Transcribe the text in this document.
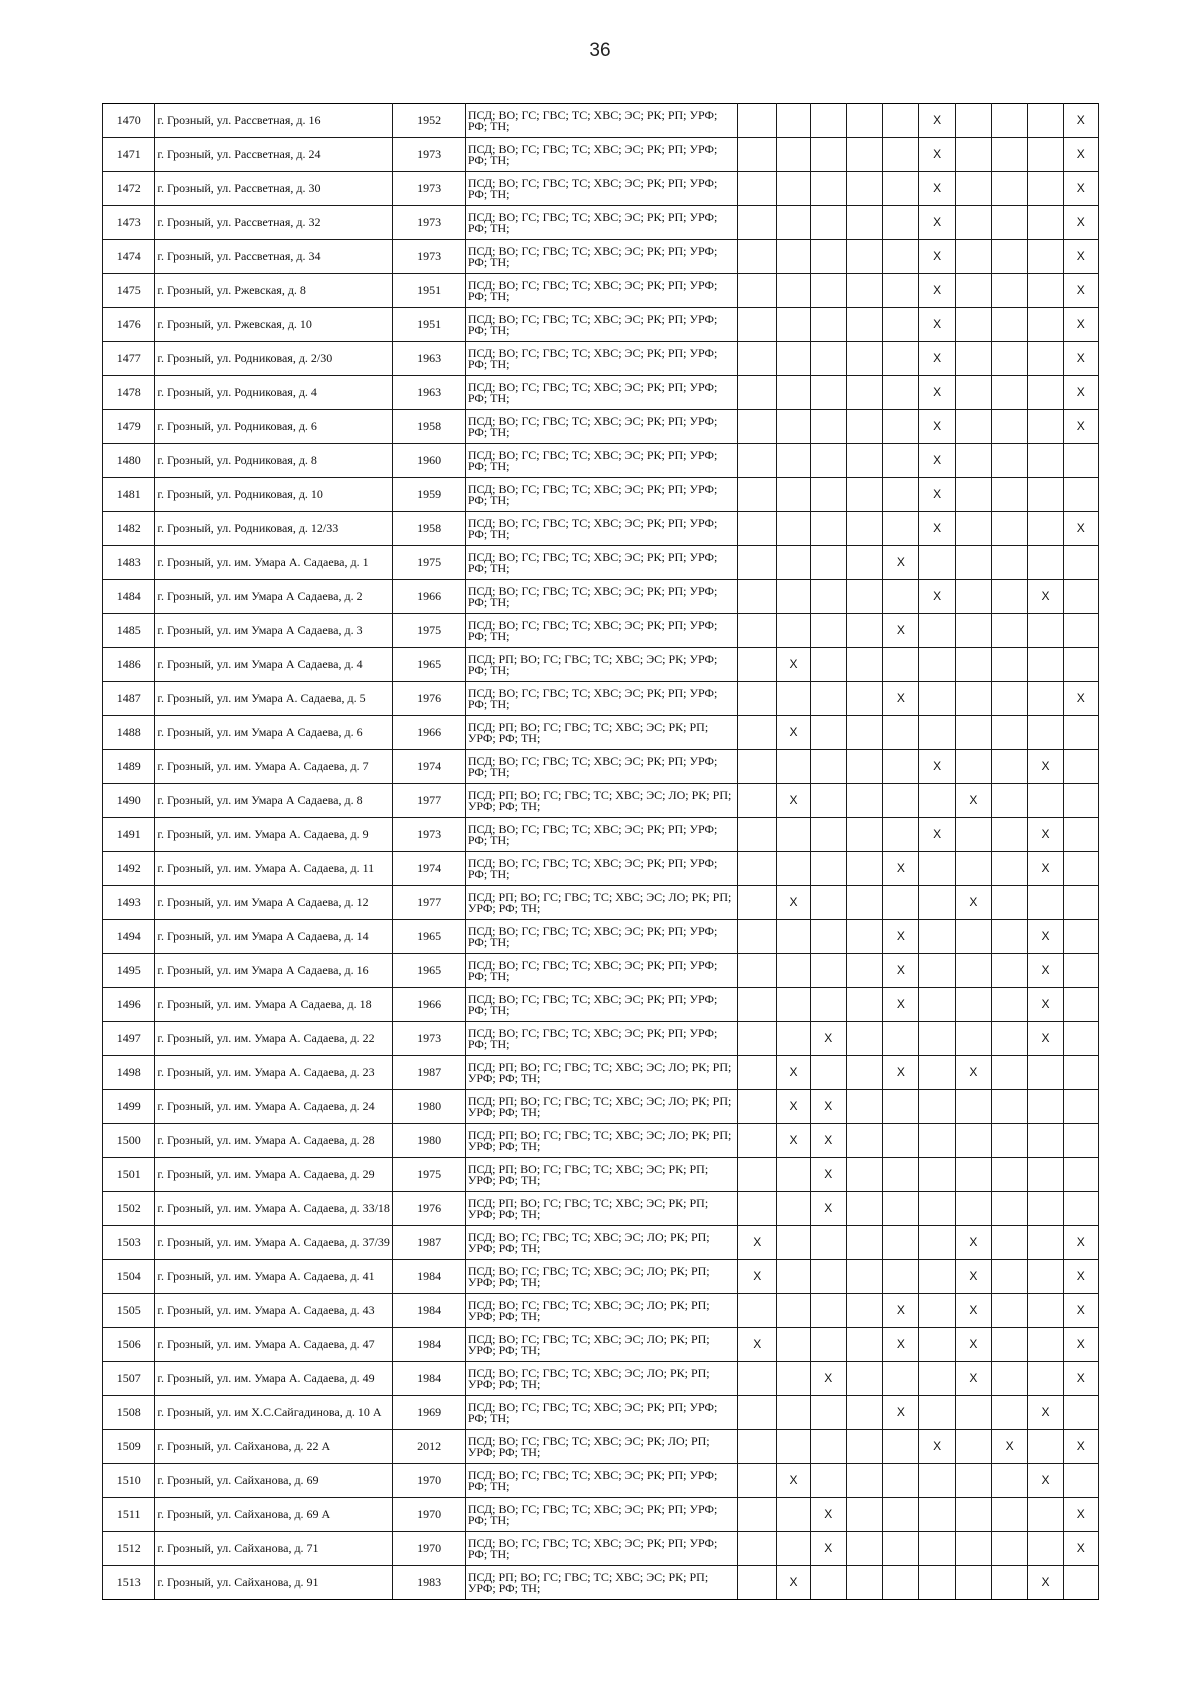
36
1470	г. Грозный, ул. Рассветная, д. 16	1952	ПСД; ВО; ГС; ГВС; ТС; ХВС; ЭС; РК; РП; УРФ; РФ; ТН;						X				X
1471	г. Грозный, ул. Рассветная, д. 24	1973	ПСД; ВО; ГС; ГВС; ТС; ХВС; ЭС; РК; РП; УРФ; РФ; ТН;						X				X
1472	г. Грозный, ул. Рассветная, д. 30	1973	ПСД; ВО; ГС; ГВС; ТС; ХВС; ЭС; РК; РП; УРФ; РФ; ТН;						X				X
1473	г. Грозный, ул. Рассветная, д. 32	1973	ПСД; ВО; ГС; ГВС; ТС; ХВС; ЭС; РК; РП; УРФ; РФ; ТН;						X				X
1474	г. Грозный, ул. Рассветная, д. 34	1973	ПСД; ВО; ГС; ГВС; ТС; ХВС; ЭС; РК; РП; УРФ; РФ; ТН;						X				X
1475	г. Грозный, ул. Ржевская, д. 8	1951	ПСД; ВО; ГС; ГВС; ТС; ХВС; ЭС; РК; РП; УРФ; РФ; ТН;						X				X
1476	г. Грозный, ул. Ржевская, д. 10	1951	ПСД; ВО; ГС; ГВС; ТС; ХВС; ЭС; РК; РП; УРФ; РФ; ТН;						X				X
1477	г. Грозный, ул. Родниковая, д. 2/30	1963	ПСД; ВО; ГС; ГВС; ТС; ХВС; ЭС; РК; РП; УРФ; РФ; ТН;						X				X
1478	г. Грозный, ул. Родниковая, д. 4	1963	ПСД; ВО; ГС; ГВС; ТС; ХВС; ЭС; РК; РП; УРФ; РФ; ТН;						X				X
1479	г. Грозный, ул. Родниковая, д. 6	1958	ПСД; ВО; ГС; ГВС; ТС; ХВС; ЭС; РК; РП; УРФ; РФ; ТН;						X				X
1480	г. Грозный, ул. Родниковая, д. 8	1960	ПСД; ВО; ГС; ГВС; ТС; ХВС; ЭС; РК; РП; УРФ; РФ; ТН;						X				
1481	г. Грозный, ул. Родниковая, д. 10	1959	ПСД; ВО; ГС; ГВС; ТС; ХВС; ЭС; РК; РП; УРФ; РФ; ТН;						X				
1482	г. Грозный, ул. Родниковая, д. 12/33	1958	ПСД; ВО; ГС; ГВС; ТС; ХВС; ЭС; РК; РП; УРФ; РФ; ТН;						X				X
1483	г. Грозный, ул. им. Умара А. Садаева, д. 1	1975	ПСД; ВО; ГС; ГВС; ТС; ХВС; ЭС; РК; РП; УРФ; РФ; ТН;					X					
1484	г. Грозный, ул. им Умара А Садаева, д. 2	1966	ПСД; ВО; ГС; ГВС; ТС; ХВС; ЭС; РК; РП; УРФ; РФ; ТН;						X			X	
1485	г. Грозный, ул. им Умара А Садаева, д. 3	1975	ПСД; ВО; ГС; ГВС; ТС; ХВС; ЭС; РК; РП; УРФ; РФ; ТН;					X					
1486	г. Грозный, ул. им Умара А Садаева, д. 4	1965	ПСД; РП; ВО; ГС; ГВС; ТС; ХВС; ЭС; РК; УРФ; РФ; ТН;		X								
1487	г. Грозный, ул. им Умара А. Садаева, д. 5	1976	ПСД; ВО; ГС; ГВС; ТС; ХВС; ЭС; РК; РП; УРФ; РФ; ТН;					X					X
1488	г. Грозный, ул. им Умара А Садаева, д. 6	1966	ПСД; РП; ВО; ГС; ГВС; ТС; ХВС; ЭС; РК; РП; УРФ; РФ; ТН;		X								
1489	г. Грозный, ул. им. Умара А. Садаева, д. 7	1974	ПСД; ВО; ГС; ГВС; ТС; ХВС; ЭС; РК; РП; УРФ; РФ; ТН;						X			X	
1490	г. Грозный, ул. им Умара А Садаева, д. 8	1977	ПСД; РП; ВО; ГС; ГВС; ТС; ХВС; ЭС; ЛО; РК; РП; УРФ; РФ; ТН;		X					X			
1491	г. Грозный, ул. им. Умара А. Садаева, д. 9	1973	ПСД; ВО; ГС; ГВС; ТС; ХВС; ЭС; РК; РП; УРФ; РФ; ТН;						X			X	
1492	г. Грозный, ул. им. Умара А. Садаева, д. 11	1974	ПСД; ВО; ГС; ГВС; ТС; ХВС; ЭС; РК; РП; УРФ; РФ; ТН;					X				X	
1493	г. Грозный, ул. им Умара А Садаева, д. 12	1977	ПСД; РП; ВО; ГС; ГВС; ТС; ХВС; ЭС; ЛО; РК; РП; УРФ; РФ; ТН;		X					X			
1494	г. Грозный, ул. им Умара А Садаева, д. 14	1965	ПСД; ВО; ГС; ГВС; ТС; ХВС; ЭС; РК; РП; УРФ; РФ; ТН;					X				X	
1495	г. Грозный, ул. им Умара А Садаева, д. 16	1965	ПСД; ВО; ГС; ГВС; ТС; ХВС; ЭС; РК; РП; УРФ; РФ; ТН;					X				X	
1496	г. Грозный, ул. им. Умара А Садаева, д. 18	1966	ПСД; ВО; ГС; ГВС; ТС; ХВС; ЭС; РК; РП; УРФ; РФ; ТН;					X				X	
1497	г. Грозный, ул. им. Умара А. Садаева, д. 22	1973	ПСД; ВО; ГС; ГВС; ТС; ХВС; ЭС; РК; РП; УРФ; РФ; ТН;			X						X	
1498	г. Грозный, ул. им. Умара А. Садаева, д. 23	1987	ПСД; РП; ВО; ГС; ГВС; ТС; ХВС; ЭС; ЛО; РК; РП; УРФ; РФ; ТН;		X			X		X			
1499	г. Грозный, ул. им. Умара А. Садаева, д. 24	1980	ПСД; РП; ВО; ГС; ГВС; ТС; ХВС; ЭС; ЛО; РК; РП; УРФ; РФ; ТН;		X	X							
1500	г. Грозный, ул. им. Умара А. Садаева, д. 28	1980	ПСД; РП; ВО; ГС; ГВС; ТС; ХВС; ЭС; ЛО; РК; РП; УРФ; РФ; ТН;		X	X							
1501	г. Грозный, ул. им. Умара А. Садаева, д. 29	1975	ПСД; РП; ВО; ГС; ГВС; ТС; ХВС; ЭС; РК; РП; УРФ; РФ; ТН;			X							
1502	г. Грозный, ул. им. Умара А. Садаева, д. 33/18	1976	ПСД; РП; ВО; ГС; ГВС; ТС; ХВС; ЭС; РК; РП; УРФ; РФ; ТН;			X							
1503	г. Грозный, ул. им. Умара А. Садаева, д. 37/39	1987	ПСД; ВО; ГС; ГВС; ТС; ХВС; ЭС; ЛО; РК; РП; УРФ; РФ; ТН;	X						X			X
1504	г. Грозный, ул. им. Умара А. Садаева, д. 41	1984	ПСД; ВО; ГС; ГВС; ТС; ХВС; ЭС; ЛО; РК; РП; УРФ; РФ; ТН;	X						X			X
1505	г. Грозный, ул. им. Умара А. Садаева, д. 43	1984	ПСД; ВО; ГС; ГВС; ТС; ХВС; ЭС; ЛО; РК; РП; УРФ; РФ; ТН;					X		X			X
1506	г. Грозный, ул. им. Умара А. Садаева, д. 47	1984	ПСД; ВО; ГС; ГВС; ТС; ХВС; ЭС; ЛО; РК; РП; УРФ; РФ; ТН;	X				X		X			X
1507	г. Грозный, ул. им. Умара А. Садаева, д. 49	1984	ПСД; ВО; ГС; ГВС; ТС; ХВС; ЭС; ЛО; РК; РП; УРФ; РФ; ТН;			X				X			X
1508	г. Грозный, ул. им Х.С.Сайгадинова, д. 10 А	1969	ПСД; ВО; ГС; ГВС; ТС; ХВС; ЭС; РК; РП; УРФ; РФ; ТН;					X				X	
1509	г. Грозный, ул. Сайханова, д. 22 А	2012	ПСД; ВО; ГС; ГВС; ТС; ХВС; ЭС; РК; ЛО; РП; УРФ; РФ; ТН;						X		X		X
1510	г. Грозный, ул. Сайханова, д. 69	1970	ПСД; ВО; ГС; ГВС; ТС; ХВС; ЭС; РК; РП; УРФ; РФ; ТН;		X							X	
1511	г. Грозный, ул. Сайханова, д. 69 А	1970	ПСД; ВО; ГС; ГВС; ТС; ХВС; ЭС; РК; РП; УРФ; РФ; ТН;			X							X
1512	г. Грозный, ул. Сайханова, д. 71	1970	ПСД; ВО; ГС; ГВС; ТС; ХВС; ЭС; РК; РП; УРФ; РФ; ТН;			X							X
1513	г. Грозный, ул. Сайханова, д. 91	1983	ПСД; РП; ВО; ГС; ГВС; ТС; ХВС; ЭС; РК; РП; УРФ; РФ; ТН;		X							X	
